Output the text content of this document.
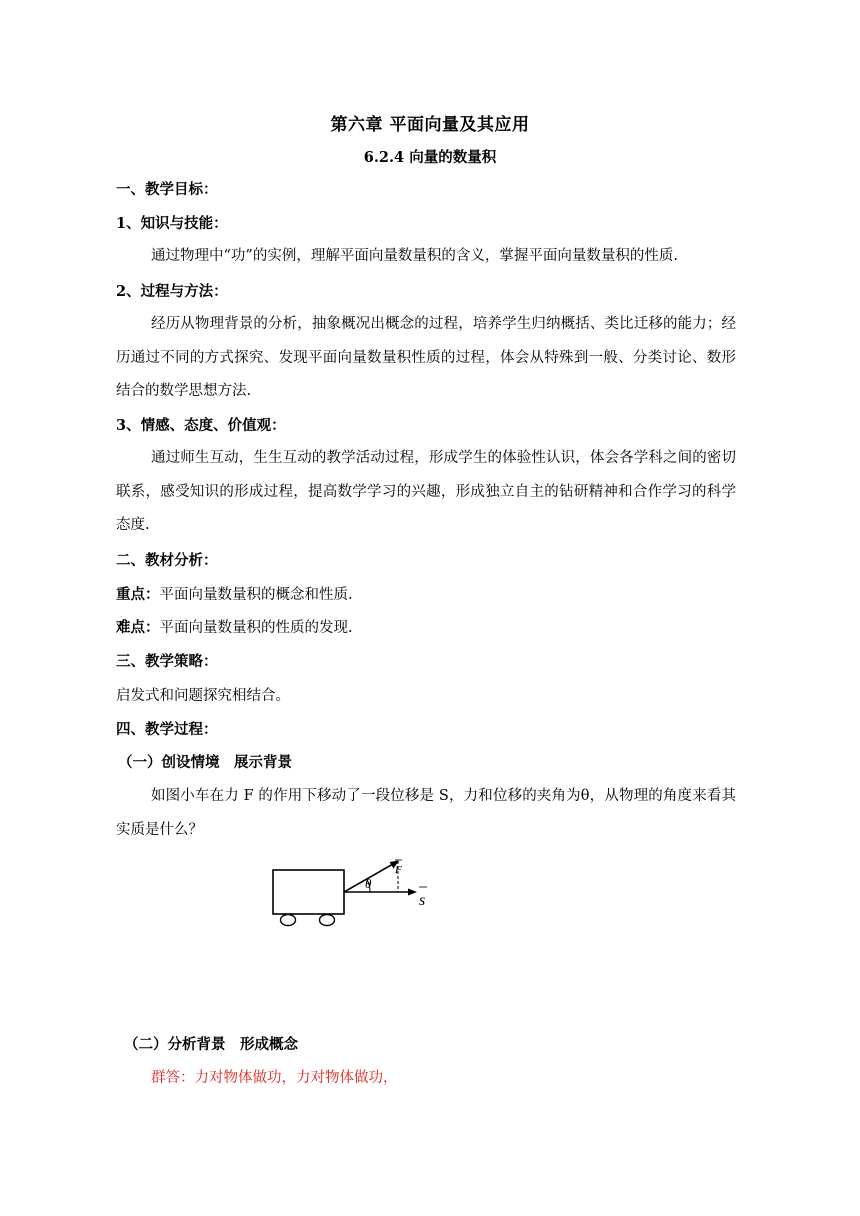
第六章 平面向量及其应用
6.2.4 向量的数量积
一、教学目标：
1、知识与技能：
通过物理中“功”的实例，理解平面向量数量积的含义，掌握平面向量数量积的性质.
2、过程与方法：
经历从物理背景的分析，抽象概况出概念的过程，培养学生归纳概括、类比迁移的能力；经历通过不同的方式探究、发现平面向量数量积性质的过程，体会从特殊到一般、分类讨论、数形结合的数学思想方法.
3、情感、态度、价值观：
通过师生互动，生生互动的教学活动过程，形成学生的体验性认识，体会各学科之间的密切联系，感受知识的形成过程，提高数学学习的兴趣，形成独立自主的钻研精神和合作学习的科学态度.
二、教材分析：
重点：平面向量数量积的概念和性质.
难点：平面向量数量积的性质的发现.
三、教学策略：
启发式和问题探究相结合。
四、教学过程：
（一）创设情境　展示背景
如图小车在力 F 的作用下移动了一段位移是 S，力和位移的夹角为θ，从物理的角度来看其实质是什么？
θ
F
s
（二）分析背景　形成概念
群答：力对物体做功，力对物体做功，
